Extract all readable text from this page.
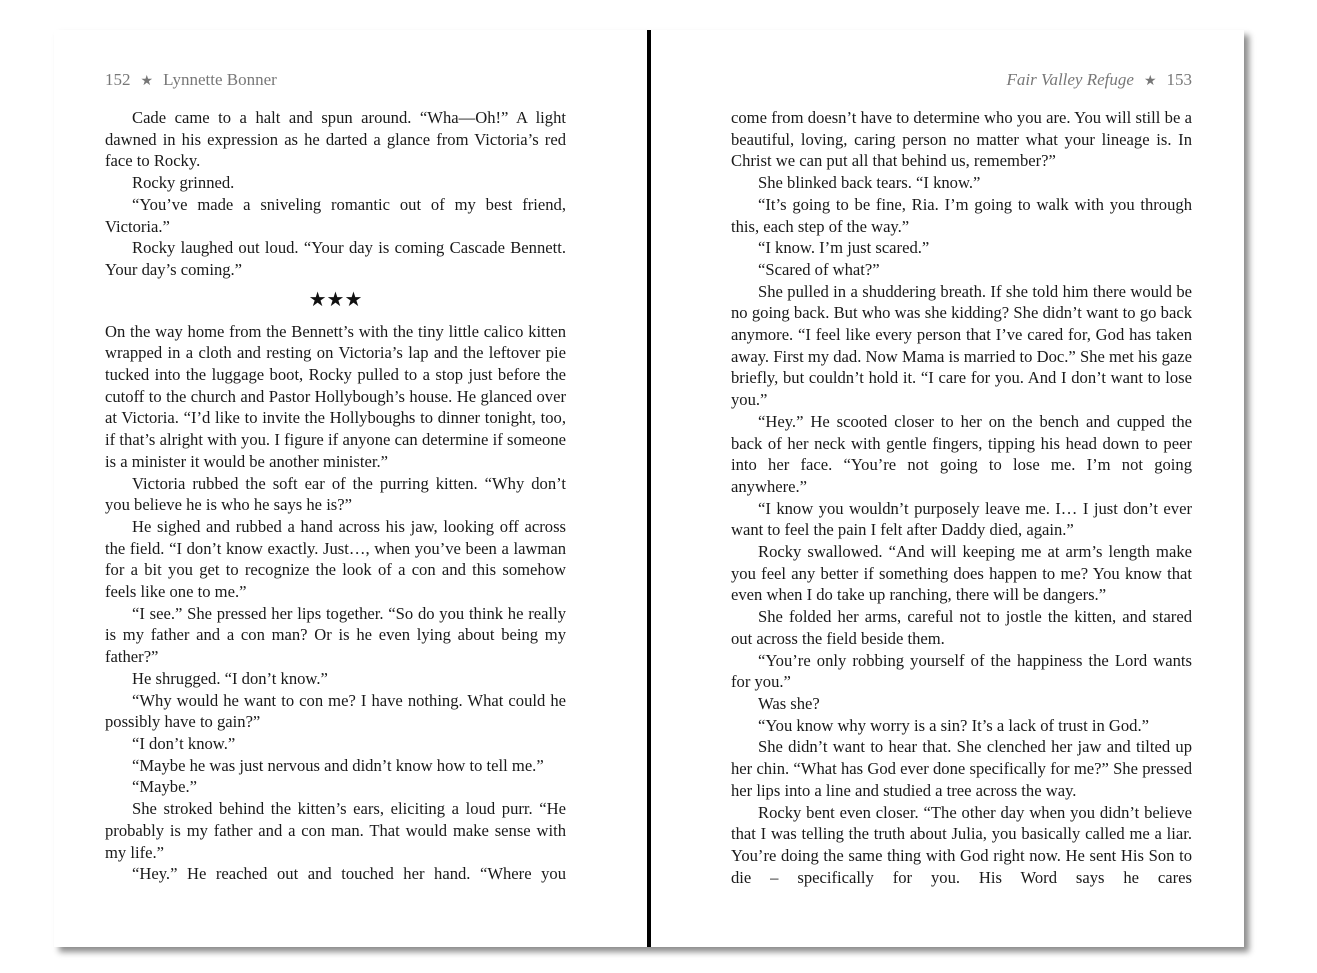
152 ★ Lynnette Bonner

Cade came to a halt and spun around. “Wha—Oh!” A light dawned in his expression as he darted a glance from Victoria’s red face to Rocky.

Rocky grinned.

“You’ve made a sniveling romantic out of my best friend, Victoria.”

Rocky laughed out loud. “Your day is coming Cascade Bennett. Your day’s coming.”

★★★

On the way home from the Bennett’s with the tiny little calico kitten wrapped in a cloth and resting on Victoria’s lap and the leftover pie tucked into the luggage boot, Rocky pulled to a stop just before the cutoff to the church and Pastor Hollybough’s house. He glanced over at Victoria. “I’d like to invite the Hollyboughs to dinner tonight, too, if that’s alright with you. I figure if anyone can determine if someone is a minister it would be another minister.”

Victoria rubbed the soft ear of the purring kitten. “Why don’t you believe he is who he says he is?”

He sighed and rubbed a hand across his jaw, looking off across the field. “I don’t know exactly. Just…, when you’ve been a lawman for a bit you get to recognize the look of a con and this somehow feels like one to me.”

“I see.” She pressed her lips together. “So do you think he really is my father and a con man? Or is he even lying about being my father?”

He shrugged. “I don’t know.”

“Why would he want to con me? I have nothing. What could he possibly have to gain?”

“I don’t know.”

“Maybe he was just nervous and didn’t know how to tell me.”

“Maybe.”

She stroked behind the kitten’s ears, eliciting a loud purr. “He probably is my father and a con man. That would make sense with my life.”

“Hey.” He reached out and touched her hand. “Where you

Fair Valley Refuge ★ 153

come from doesn’t have to determine who you are. You will still be a beautiful, loving, caring person no matter what your lineage is. In Christ we can put all that behind us, remember?”

She blinked back tears. “I know.”

“It’s going to be fine, Ria. I’m going to walk with you through this, each step of the way.”

“I know. I’m just scared.”

“Scared of what?”

She pulled in a shuddering breath. If she told him there would be no going back. But who was she kidding? She didn’t want to go back anymore. “I feel like every person that I’ve cared for, God has taken away. First my dad. Now Mama is married to Doc.” She met his gaze briefly, but couldn’t hold it. “I care for you. And I don’t want to lose you.”

“Hey.” He scooted closer to her on the bench and cupped the back of her neck with gentle fingers, tipping his head down to peer into her face. “You’re not going to lose me. I’m not going anywhere.”

“I know you wouldn’t purposely leave me. I… I just don’t ever want to feel the pain I felt after Daddy died, again.”

Rocky swallowed. “And will keeping me at arm’s length make you feel any better if something does happen to me? You know that even when I do take up ranching, there will be dangers.”

She folded her arms, careful not to jostle the kitten, and stared out across the field beside them.

“You’re only robbing yourself of the happiness the Lord wants for you.”

Was she?

“You know why worry is a sin? It’s a lack of trust in God.”

She didn’t want to hear that. She clenched her jaw and tilted up her chin. “What has God ever done specifically for me?” She pressed her lips into a line and studied a tree across the way.

Rocky bent even closer. “The other day when you didn’t believe that I was telling the truth about Julia, you basically called me a liar. You’re doing the same thing with God right now. He sent His Son to die – specifically for you. His Word says he cares
